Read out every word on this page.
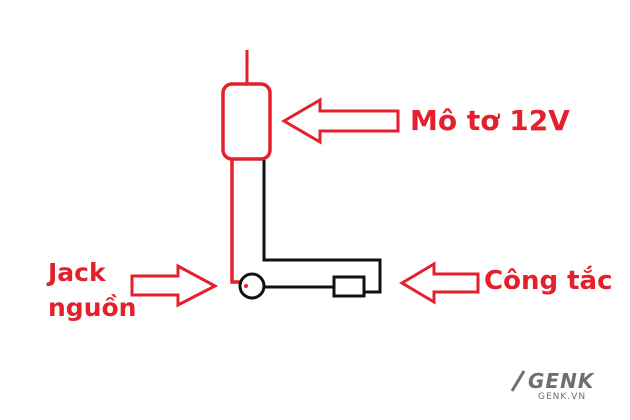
Mô tơ 12V
Công tắc
Jack
nguồn
GENK
GENK.VN
